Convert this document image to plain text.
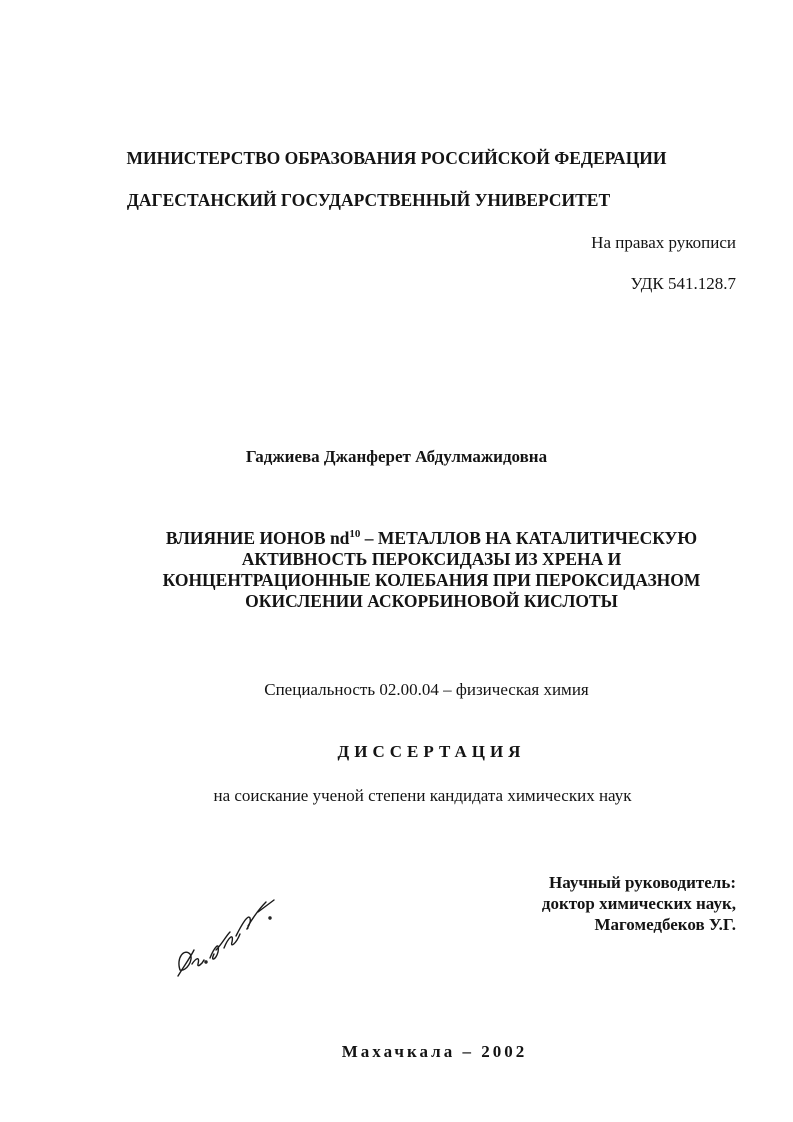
МИНИСТЕРСТВО ОБРАЗОВАНИЯ РОССИЙСКОЙ ФЕДЕРАЦИИ
ДАГЕСТАНСКИЙ ГОСУДАРСТВЕННЫЙ УНИВЕРСИТЕТ
На правах рукописи
УДК 541.128.7
Гаджиева Джанферет Абдулмажидовна
ВЛИЯНИЕ ИОНОВ $nd^{10}$ – МЕТАЛЛОВ НА КАТАЛИТИЧЕСКУЮ
АКТИВНОСТЬ ПЕРОКСИДАЗЫ ИЗ ХРЕНА И
КОНЦЕНТРАЦИОННЫЕ КОЛЕБАНИЯ ПРИ ПЕРОКСИДАЗНОМ
ОКИСЛЕНИИ АСКОРБИНОВОЙ КИСЛОТЫ
Специальность 02.00.04 – физическая химия
ДИССЕРТАЦИЯ
на соискание ученой степени кандидата химических наук
Научный руководитель:
доктор химических наук,
Магомедбеков У.Г.
Махачкала – 2002
